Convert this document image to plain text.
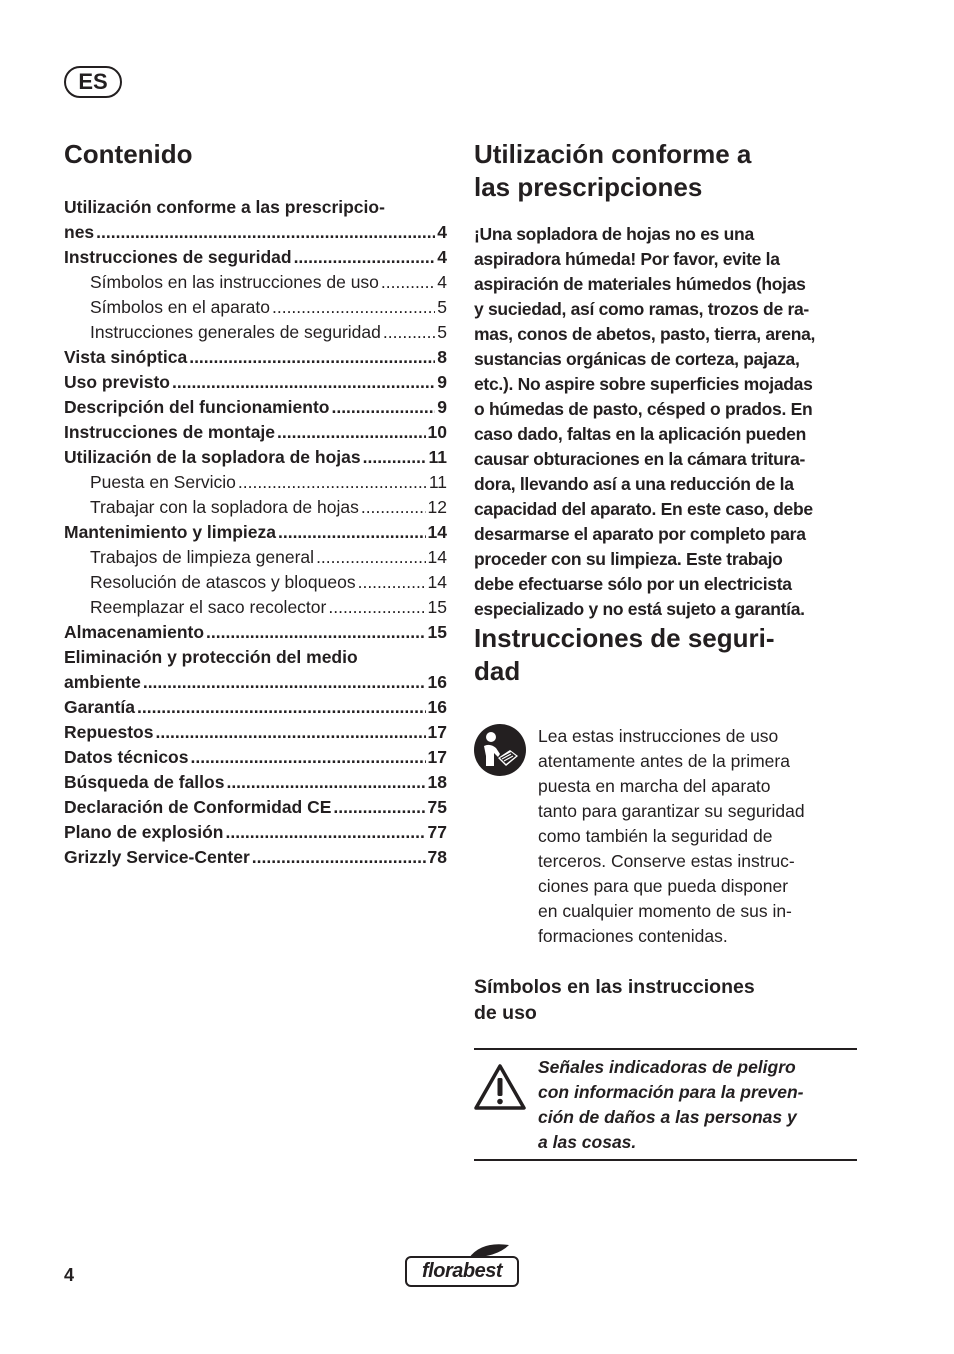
ES
Contenido
Utilización conforme a las prescripcio-
nes .....	4
Instrucciones de seguridad .....	4
Símbolos en las instrucciones de uso .....	4
Símbolos en el aparato .....	5
Instrucciones generales de seguridad .....	5
Vista sinóptica .....	8
Uso previsto .....	9
Descripción del funcionamiento .....	9
Instrucciones de montaje .....	10
Utilización de la sopladora de hojas .....	11
Puesta en Servicio .....	11
Trabajar con la sopladora de hojas .....	12
Mantenimiento y limpieza .....	14
Trabajos de limpieza general .....	14
Resolución de atascos y bloqueos .....	14
Reemplazar el saco recolector .....	15
Almacenamiento .....	15
Eliminación y protección del medio
ambiente .....	16
Garantía .....	16
Repuestos .....	17
Datos técnicos .....	17
Búsqueda de fallos .....	18
Declaración de Conformidad CE .....	75
Plano de explosión .....	77
Grizzly Service-Center .....	78
Utilización conforme a
las prescripciones
¡Una sopladora de hojas no es una
aspiradora húmeda! Por favor, evite la
aspiración de materiales húmedos (hojas
y suciedad, así como ramas, trozos de ra-
mas, conos de abetos, pasto, tierra, arena,
sustancias orgánicas de corteza, pajaza,
etc.). No aspire sobre superficies mojadas
o húmedas de pasto, césped o prados. En
caso dado, faltas en la aplicación pueden
causar obturaciones en la cámara tritura-
dora, llevando así a una reducción de la
capacidad del aparato. En este caso, debe
desarmarse el aparato por completo para
proceder con su limpieza. Este trabajo
debe efectuarse sólo por un electricista
especializado y no está sujeto a garantía.
Instrucciones de seguri-
dad
Lea estas instrucciones de uso
atentamente antes de la primera
puesta en marcha del aparato
tanto para garantizar su seguridad
como también la seguridad de
terceros. Conserve estas instruc-
ciones para que pueda disponer
en cualquier momento de sus in-
formaciones contenidas.
Símbolos en las instrucciones
de uso
Señales indicadoras de peligro
con información para la preven-
ción de daños a las personas y
a las cosas.
4	florabest
